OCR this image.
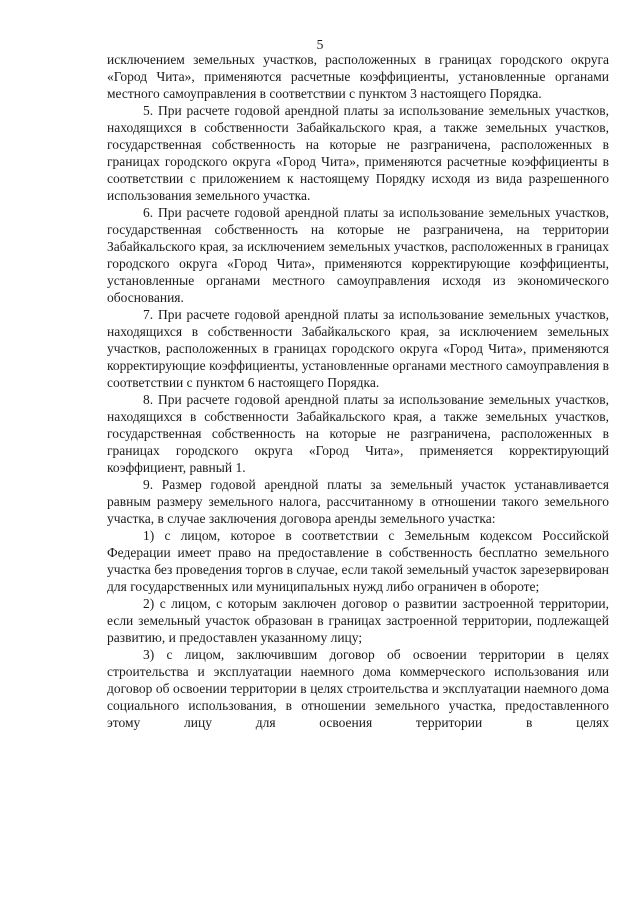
5

исключением земельных участков, расположенных в границах городского округа «Город Чита», применяются расчетные коэффициенты, установленные органами местного самоуправления в соответствии с пунктом 3 настоящего Порядка.

5. При расчете годовой арендной платы за использование земельных участков, находящихся в собственности Забайкальского края, а также земельных участков, государственная собственность на которые не разграничена, расположенных в границах городского округа «Город Чита», применяются расчетные коэффициенты в соответствии с приложением к настоящему Порядку исходя из вида разрешенного использования земельного участка.

6. При расчете годовой арендной платы за использование земельных участков, государственная собственность на которые не разграничена, на территории Забайкальского края, за исключением земельных участков, расположенных в границах городского округа «Город Чита», применяются корректирующие коэффициенты, установленные органами местного самоуправления исходя из экономического обоснования.

7. При расчете годовой арендной платы за использование земельных участков, находящихся в собственности Забайкальского края, за исключением земельных участков, расположенных в границах городского округа «Город Чита», применяются корректирующие коэффициенты, установленные органами местного самоуправления в соответствии с пунктом 6 настоящего Порядка.

8. При расчете годовой арендной платы за использование земельных участков, находящихся в собственности Забайкальского края, а также земельных участков, государственная собственность на которые не разграничена, расположенных в границах городского округа «Город Чита», применяется корректирующий коэффициент, равный 1.

9. Размер годовой арендной платы за земельный участок устанавливается равным размеру земельного налога, рассчитанному в отношении такого земельного участка, в случае заключения договора аренды земельного участка:

1) с лицом, которое в соответствии с Земельным кодексом Российской Федерации имеет право на предоставление в собственность бесплатно земельного участка без проведения торгов в случае, если такой земельный участок зарезервирован для государственных или муниципальных нужд либо ограничен в обороте;

2) с лицом, с которым заключен договор о развитии застроенной территории, если земельный участок образован в границах застроенной территории, подлежащей развитию, и предоставлен указанному лицу;

3) с лицом, заключившим договор об освоении территории в целях строительства и эксплуатации наемного дома коммерческого использования или договор об освоении территории в целях строительства и эксплуатации наемного дома социального использования, в отношении земельного участка, предоставленного этому лицу для освоения территории в целях
